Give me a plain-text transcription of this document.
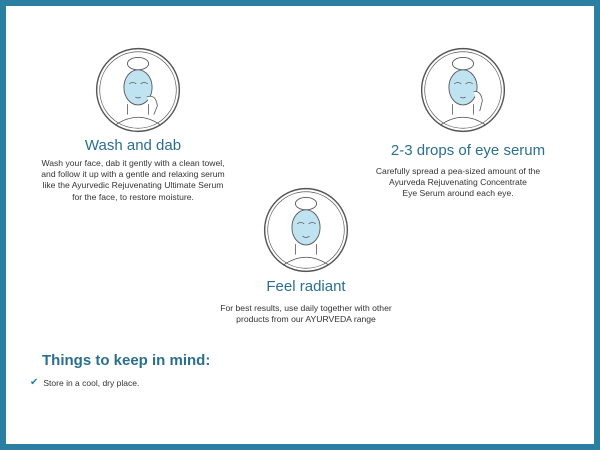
Wash and dab
Wash your face, dab it gently with a clean towel,
and follow it up with a gentle and relaxing serum
like the Ayurvedic Rejuvenating Ultimate Serum
for the face, to restore moisture.
2-3 drops of eye serum
Carefully spread a pea-sized amount of the
Ayurveda Rejuvenating Concentrate
Eye Serum around each eye.
Feel radiant
For best results, use daily together with other
products from our AYURVEDA range
Things to keep in mind:
✔ Store in a cool, dry place.
